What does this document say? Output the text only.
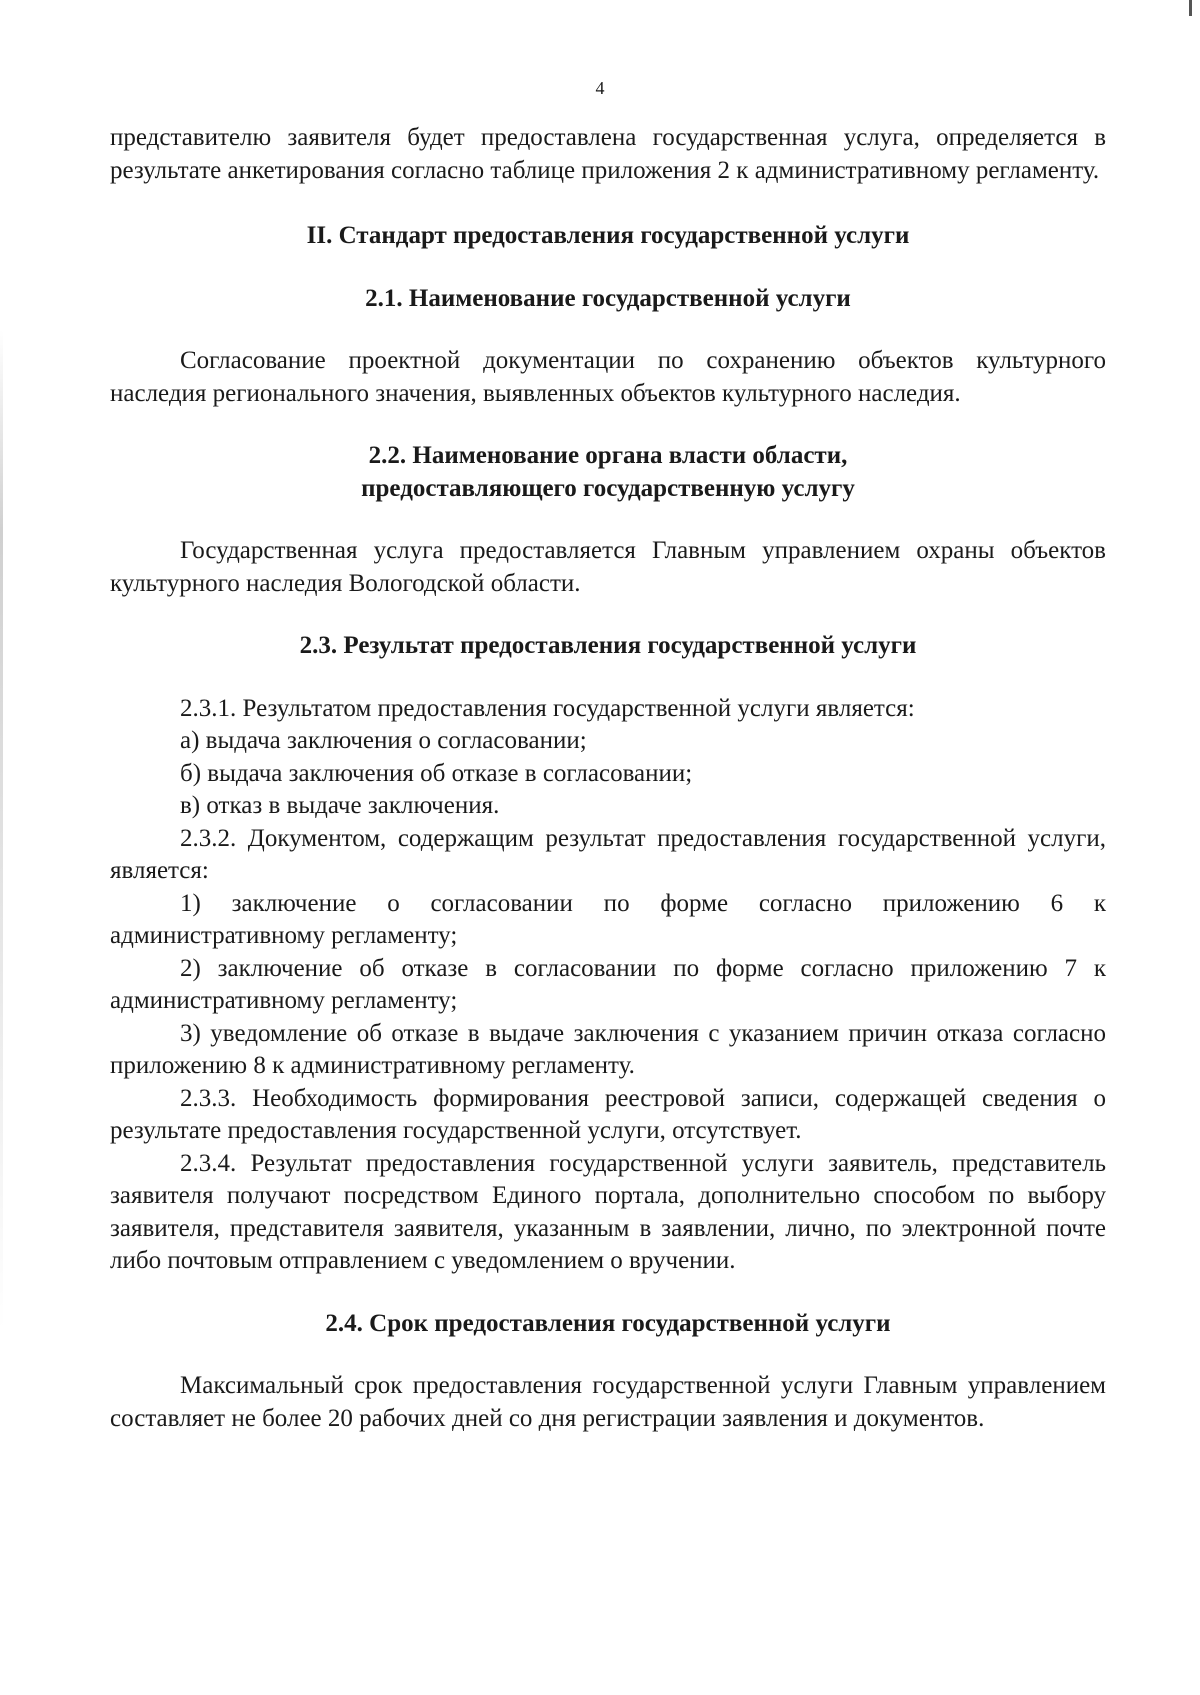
4

представителю заявителя будет предоставлена государственная услуга, определяется в результате анкетирования согласно таблице приложения 2 к административному регламенту.

II. Стандарт предоставления государственной услуги

2.1. Наименование государственной услуги

Согласование проектной документации по сохранению объектов культурного наследия регионального значения, выявленных объектов культурного наследия.

2.2. Наименование органа власти области,
предоставляющего государственную услугу

Государственная услуга предоставляется Главным управлением охраны объектов культурного наследия Вологодской области.

2.3. Результат предоставления государственной услуги

2.3.1. Результатом предоставления государственной услуги является:

а) выдача заключения о согласовании;

б) выдача заключения об отказе в согласовании;

в) отказ в выдаче заключения.

2.3.2. Документом, содержащим результат предоставления государственной услуги, является:

1) заключение о согласовании по форме согласно приложению 6 к административному регламенту;

2) заключение об отказе в согласовании по форме согласно приложению 7 к административному регламенту;

3) уведомление об отказе в выдаче заключения с указанием причин отказа согласно приложению 8 к административному регламенту.

2.3.3. Необходимость формирования реестровой записи, содержащей сведения о результате предоставления государственной услуги, отсутствует.

2.3.4. Результат предоставления государственной услуги заявитель, представитель заявителя получают посредством Единого портала, дополнительно способом по выбору заявителя, представителя заявителя, указанным в заявлении, лично, по электронной почте либо почтовым отправлением с уведомлением о вручении.

2.4. Срок предоставления государственной услуги

Максимальный срок предоставления государственной услуги Главным управлением составляет не более 20 рабочих дней со дня регистрации заявления и документов.
